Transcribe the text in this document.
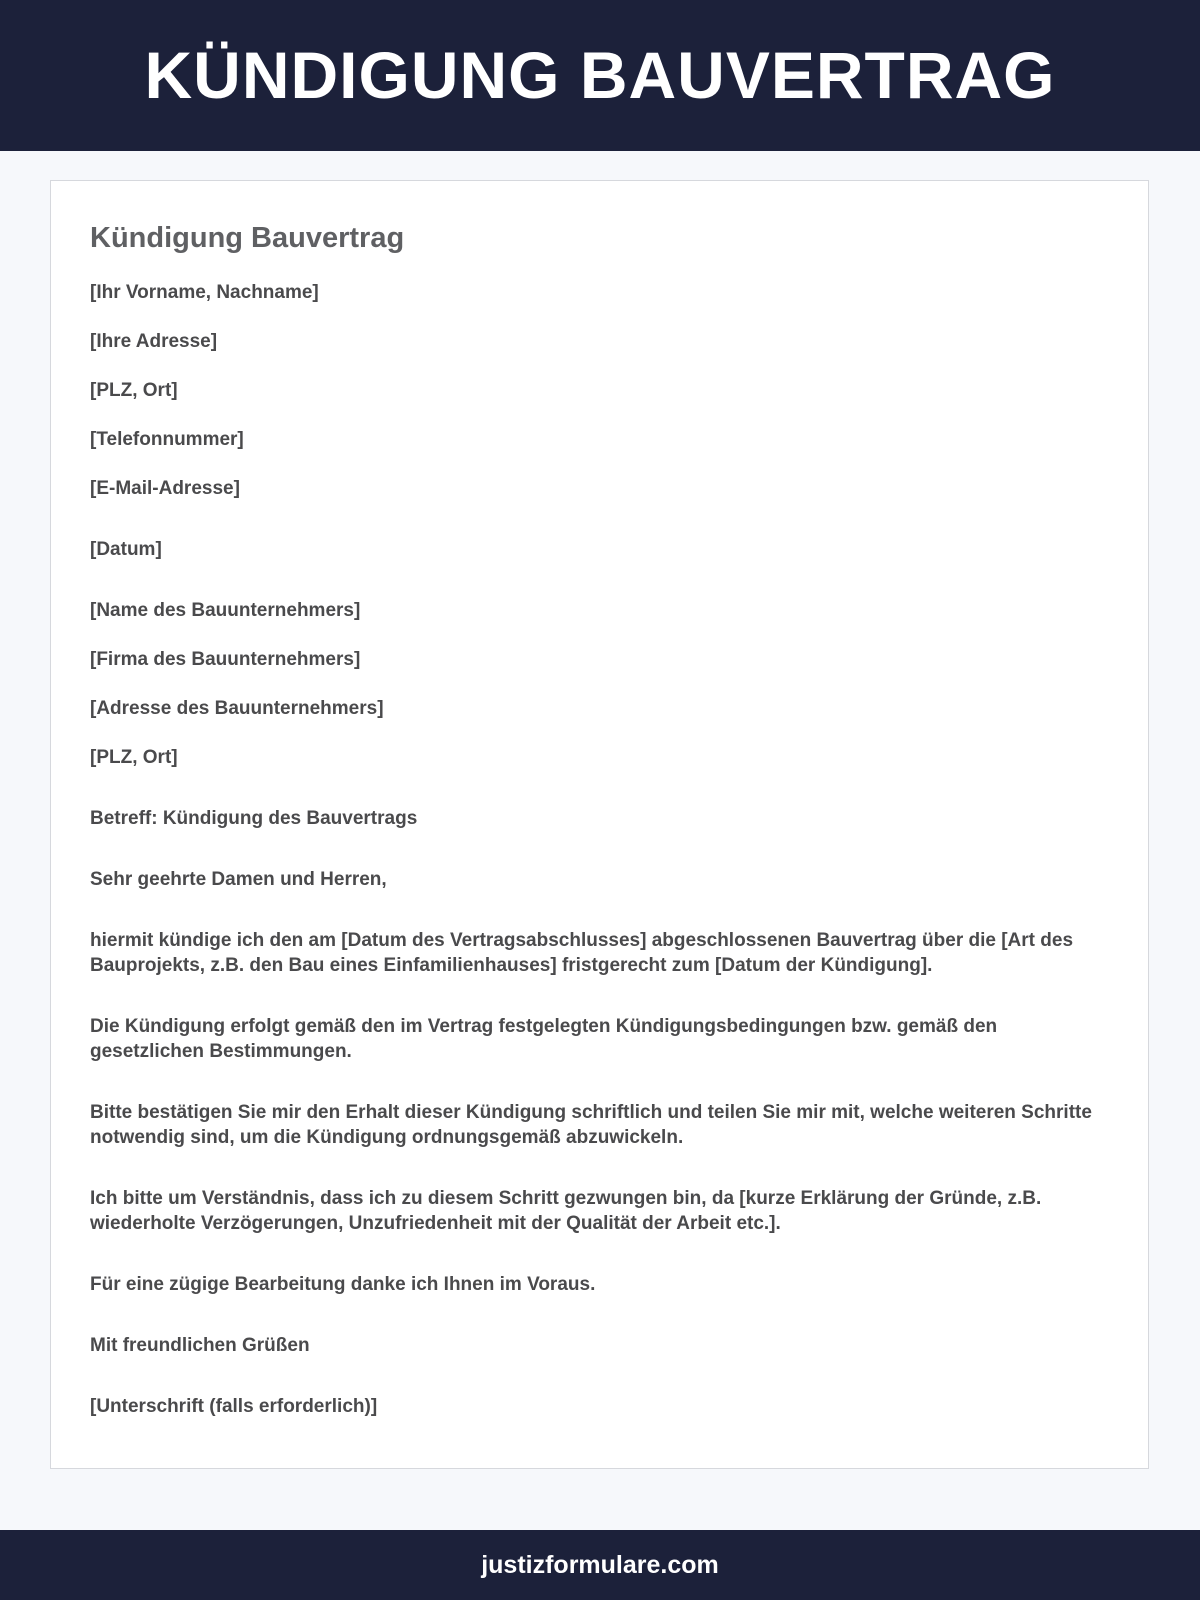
KÜNDIGUNG BAUVERTRAG
Kündigung Bauvertrag

[Ihr Vorname, Nachname]

[Ihre Adresse]

[PLZ, Ort]

[Telefonnummer]

[E-Mail-Adresse]

[Datum]

[Name des Bauunternehmers]

[Firma des Bauunternehmers]

[Adresse des Bauunternehmers]

[PLZ, Ort]

Betreff: Kündigung des Bauvertrags

Sehr geehrte Damen und Herren,

hiermit kündige ich den am [Datum des Vertragsabschlusses] abgeschlossenen Bauvertrag über die [Art des Bauprojekts, z.B. den Bau eines Einfamilienhauses] fristgerecht zum [Datum der Kündigung].

Die Kündigung erfolgt gemäß den im Vertrag festgelegten Kündigungsbedingungen bzw. gemäß den gesetzlichen Bestimmungen.

Bitte bestätigen Sie mir den Erhalt dieser Kündigung schriftlich und teilen Sie mir mit, welche weiteren Schritte notwendig sind, um die Kündigung ordnungsgemäß abzuwickeln.

Ich bitte um Verständnis, dass ich zu diesem Schritt gezwungen bin, da [kurze Erklärung der Gründe, z.B. wiederholte Verzögerungen, Unzufriedenheit mit der Qualität der Arbeit etc.].

Für eine zügige Bearbeitung danke ich Ihnen im Voraus.

Mit freundlichen Grüßen

[Unterschrift (falls erforderlich)]

justizformulare.com
